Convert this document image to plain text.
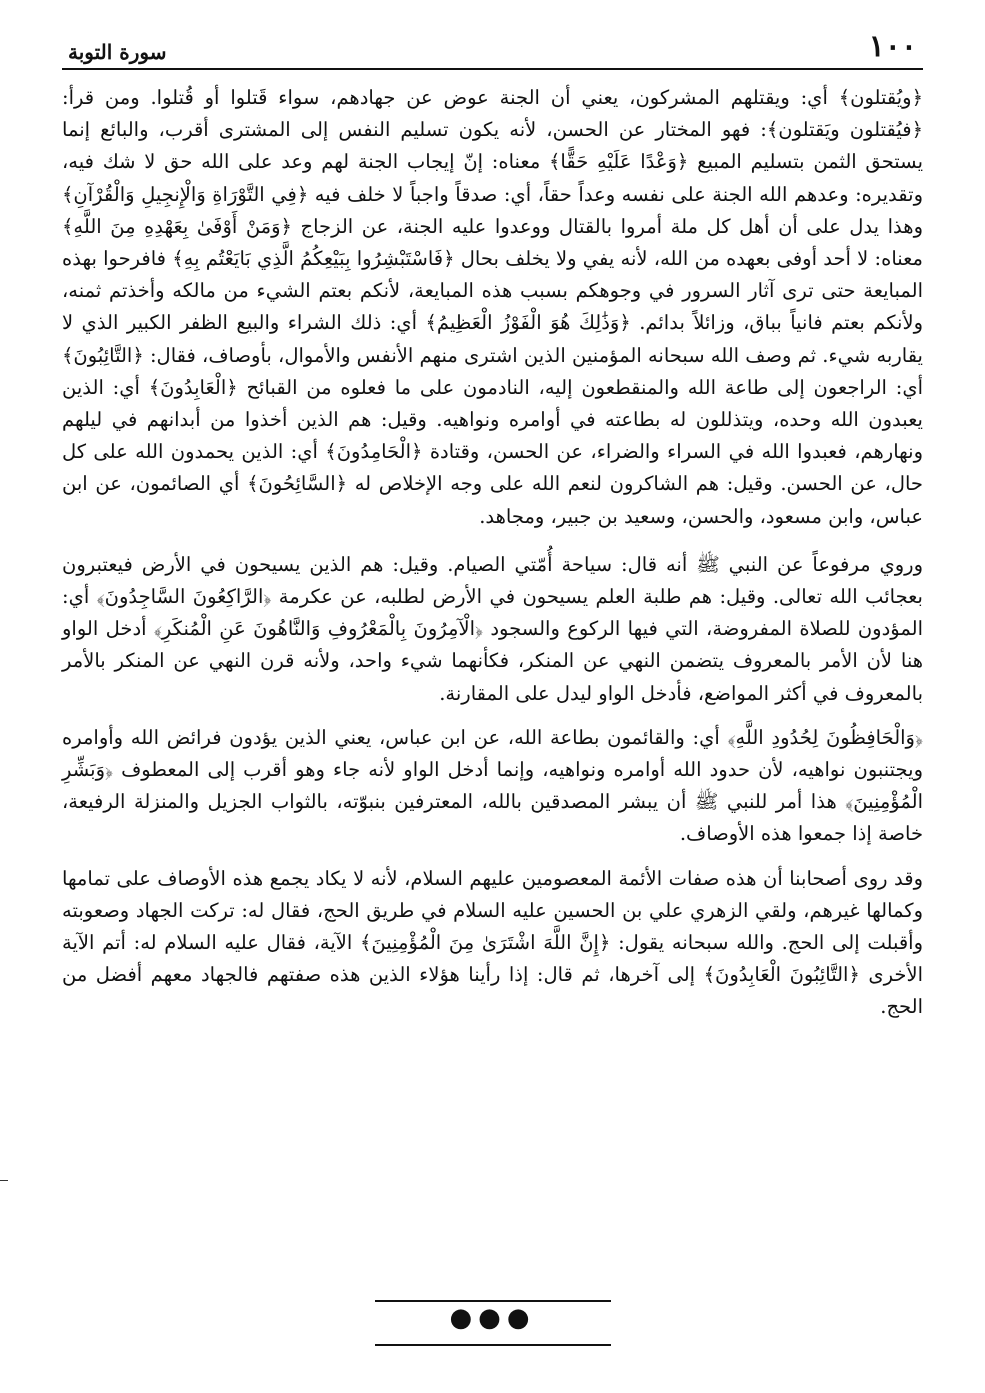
١٠٠
سورة التوبة

﴿ويُقتلون﴾ أي: ويقتلهم المشركون، يعني أن الجنة عوض عن جهادهم، سواء قَتلوا أو قُتلوا. ومن قرأ: ﴿فيُقتلون ويَقتلون﴾: فهو المختار عن الحسن، لأنه يكون تسليم النفس إلى المشترى أقرب، والبائع إنما يستحق الثمن بتسليم المبيع ﴿وَعْدًا عَلَيْهِ حَقًّا﴾ معناه: إنّ إيجاب الجنة لهم وعد على الله حق لا شك فيه، وتقديره: وعدهم الله الجنة على نفسه وعداً حقاً، أي: صدقاً واجباً لا خلف فيه ﴿فِي التَّوْرَاةِ وَالْإِنجِيلِ وَالْقُرْآنِ﴾ وهذا يدل على أن أهل كل ملة أمروا بالقتال ووعدوا عليه الجنة، عن الزجاج ﴿وَمَنْ أَوْفَىٰ بِعَهْدِهِ مِنَ اللَّهِ﴾ معناه: لا أحد أوفى بعهده من الله، لأنه يفي ولا يخلف بحال ﴿فَاسْتَبْشِرُوا بِبَيْعِكُمُ الَّذِي بَايَعْتُم بِهِ﴾ فافرحوا بهذه المبايعة حتى ترى آثار السرور في وجوهكم بسبب هذه المبايعة، لأنكم بعتم الشيء من مالكه وأخذتم ثمنه، ولأنكم بعتم فانياً بباق، وزائلاً بدائم. ﴿وَذَٰلِكَ هُوَ الْفَوْزُ الْعَظِيمُ﴾ أي: ذلك الشراء والبيع الظفر الكبير الذي لا يقاربه شيء. ثم وصف الله سبحانه المؤمنين الذين اشترى منهم الأنفس والأموال، بأوصاف، فقال: ﴿التَّائِبُونَ﴾ أي: الراجعون إلى طاعة الله والمنقطعون إليه، النادمون على ما فعلوه من القبائح ﴿الْعَابِدُونَ﴾ أي: الذين يعبدون الله وحده، ويتذللون له بطاعته في أوامره ونواهيه. وقيل: هم الذين أخذوا من أبدانهم في ليلهم ونهارهم، فعبدوا الله في السراء والضراء، عن الحسن، وقتادة ﴿الْحَامِدُونَ﴾ أي: الذين يحمدون الله على كل حال، عن الحسن. وقيل: هم الشاكرون لنعم الله على وجه الإخلاص له ﴿السَّائِحُونَ﴾ أي الصائمون، عن ابن عباس، وابن مسعود، والحسن، وسعيد بن جبير، ومجاهد.

وروي مرفوعاً عن النبي ﷺ أنه قال: سياحة أُمّتي الصيام. وقيل: هم الذين يسيحون في الأرض فيعتبرون بعجائب الله تعالى. وقيل: هم طلبة العلم يسيحون في الأرض لطلبه، عن عكرمة ﴿الرَّاكِعُونَ السَّاجِدُونَ﴾ أي: المؤدون للصلاة المفروضة، التي فيها الركوع والسجود ﴿الْآمِرُونَ بِالْمَعْرُوفِ وَالنَّاهُونَ عَنِ الْمُنكَرِ﴾ أدخل الواو هنا لأن الأمر بالمعروف يتضمن النهي عن المنكر، فكأنهما شيء واحد، ولأنه قرن النهي عن المنكر بالأمر بالمعروف في أكثر المواضع، فأدخل الواو ليدل على المقارنة.

﴿وَالْحَافِظُونَ لِحُدُودِ اللَّهِ﴾ أي: والقائمون بطاعة الله، عن ابن عباس، يعني الذين يؤدون فرائض الله وأوامره ويجتنبون نواهيه، لأن حدود الله أوامره ونواهيه، وإنما أدخل الواو لأنه جاء وهو أقرب إلى المعطوف ﴿وَبَشِّرِ الْمُؤْمِنِينَ﴾ هذا أمر للنبي ﷺ أن يبشر المصدقين بالله، المعترفين بنبوّته، بالثواب الجزيل والمنزلة الرفيعة، خاصة إذا جمعوا هذه الأوصاف.

وقد روى أصحابنا أن هذه صفات الأئمة المعصومين عليهم السلام، لأنه لا يكاد يجمع هذه الأوصاف على تمامها وكمالها غيرهم، ولقي الزهري علي بن الحسين عليه السلام في طريق الحج، فقال له: تركت الجهاد وصعوبته وأقبلت إلى الحج. والله سبحانه يقول: ﴿إِنَّ اللَّهَ اشْتَرَىٰ مِنَ الْمُؤْمِنِينَ﴾ الآية، فقال عليه السلام له: أتم الآية الأخرى ﴿التَّائِبُونَ الْعَابِدُونَ﴾ إلى آخرها، ثم قال: إذا رأينا هؤلاء الذين هذه صفتهم فالجهاد معهم أفضل من الحج.

●●●
